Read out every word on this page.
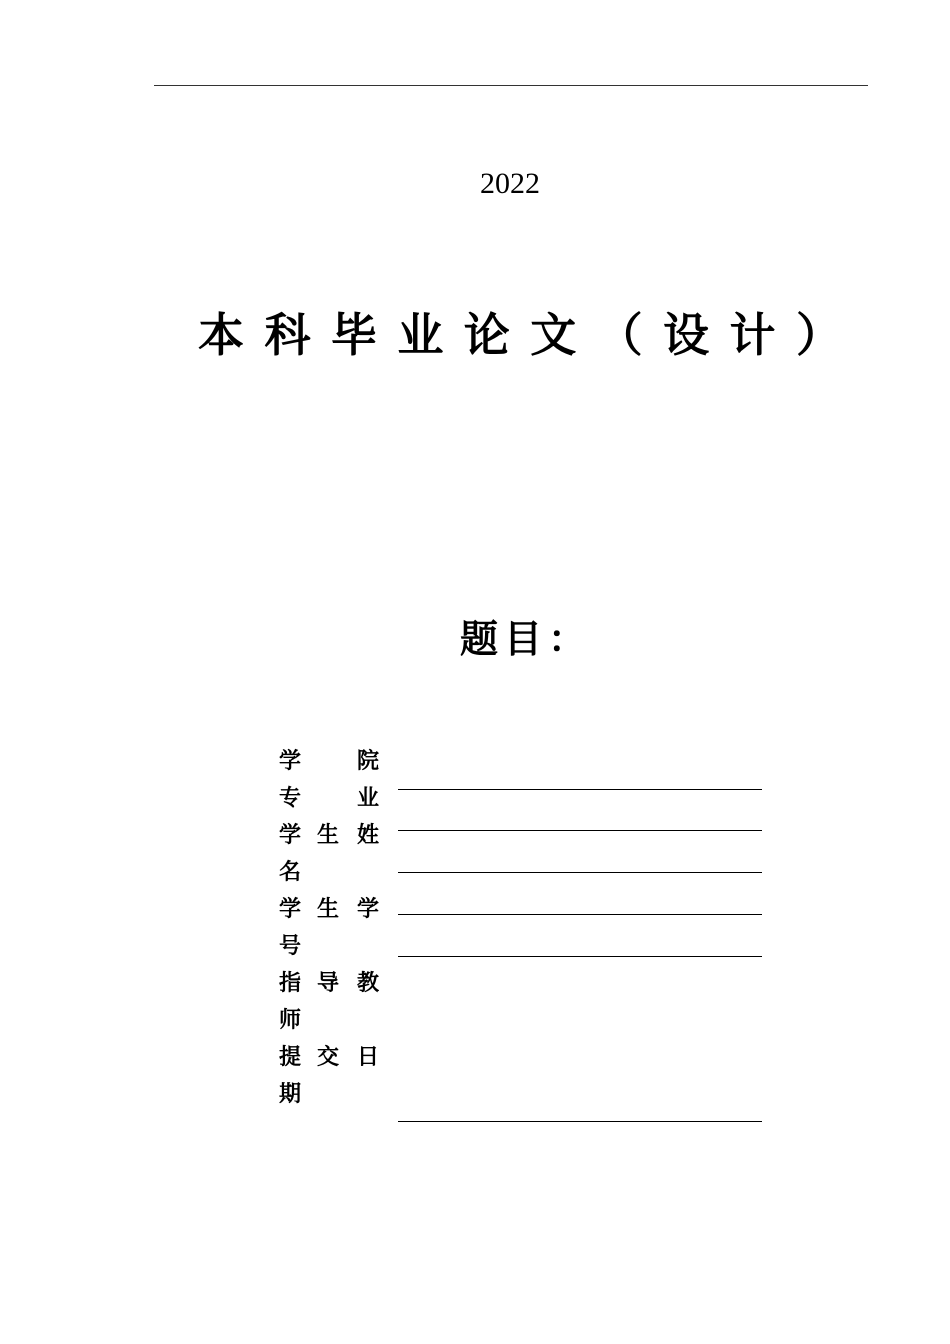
2022
本 科 毕 业 论 文 （ 设 计 ）
题目：
学	院
专	业
学 生 姓
名
学 生 学
号
指 导 教
师
提 交 日
期
